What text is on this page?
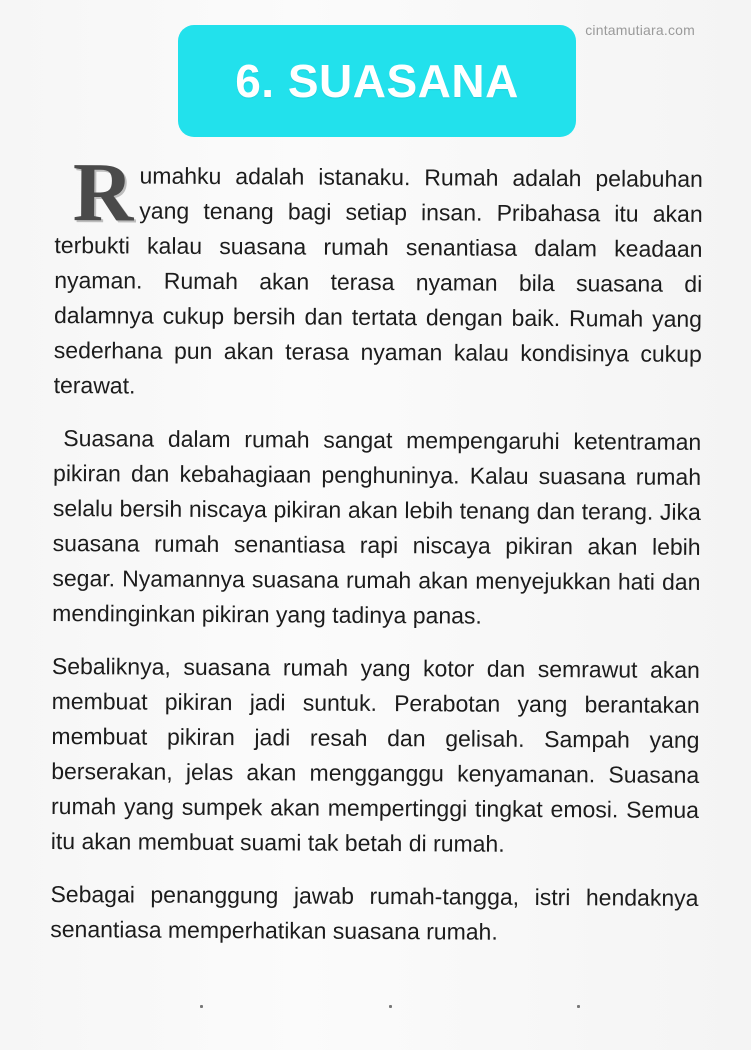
cintamutiara.com
6. SUASANA

Rumahku adalah istanaku. Rumah adalah pelabuhan yang tenang bagi setiap insan. Pribahasa itu akan terbukti kalau suasana rumah senantiasa dalam keadaan nyaman. Rumah akan terasa nyaman bila suasana di dalamnya cukup bersih dan tertata dengan baik. Rumah yang sederhana pun akan terasa nyaman kalau kondisinya cukup terawat.

Suasana dalam rumah sangat mempengaruhi ketentraman pikiran dan kebahagiaan penghuninya. Kalau suasana rumah selalu bersih niscaya pikiran akan lebih tenang dan terang. Jika suasana rumah senantiasa rapi niscaya pikiran akan lebih segar. Nyamannya suasana rumah akan menyejukkan hati dan mendinginkan pikiran yang tadinya panas.

Sebaliknya, suasana rumah yang kotor dan semrawut akan membuat pikiran jadi suntuk. Perabotan yang berantakan membuat pikiran jadi resah dan gelisah. Sampah yang berserakan, jelas akan mengganggu kenyamanan. Suasana rumah yang sumpek akan mempertinggi tingkat emosi. Semua itu akan membuat suami tak betah di rumah.

Sebagai penanggung jawab rumah-tangga, istri hendaknya senantiasa memperhatikan suasana rumah.
